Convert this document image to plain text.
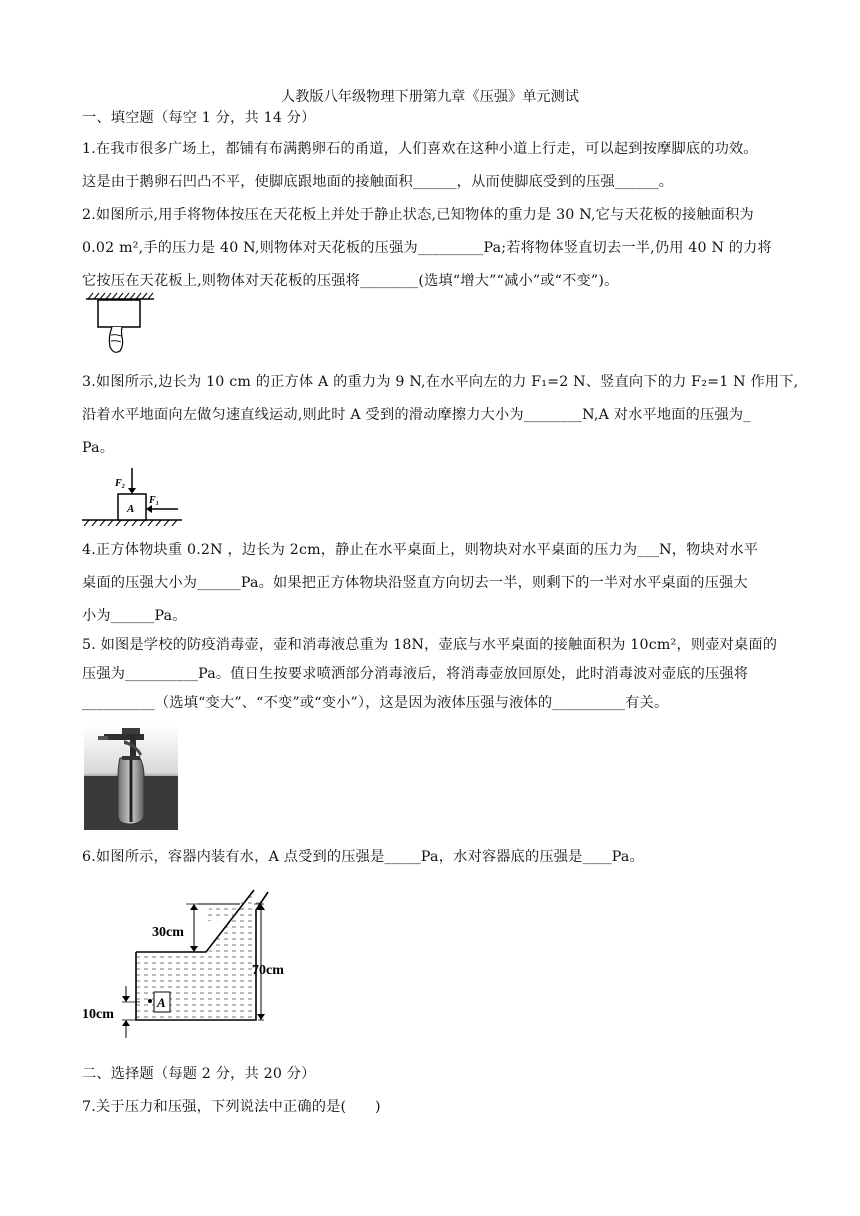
人教版八年级物理下册第九章《压强》单元测试
一、填空题（每空 1 分，共 14 分）
1.在我市很多广场上，都铺有布满鹅卵石的甬道，人们喜欢在这种小道上行走，可以起到按摩脚底的功效。
这是由于鹅卵石凹凸不平，使脚底跟地面的接触面积______，从而使脚底受到的压强______。
2.如图所示,用手将物体按压在天花板上并处于静止状态,已知物体的重力是 30 N,它与天花板的接触面积为
0.02 m²,手的压力是 40 N,则物体对天花板的压强为_________Pa;若将物体竖直切去一半,仍用 40 N 的力将
它按压在天花板上,则物体对天花板的压强将________(选填“增大”“减小”或“不变”)。
3.如图所示,边长为 10 cm 的正方体 A 的重力为 9 N,在水平向左的力 F₁=2 N、竖直向下的力 F₂=1 N 作用下,
沿着水平地面向左做匀速直线运动,则此时 A 受到的滑动摩擦力大小为________N,A 对水平地面的压强为_
Pa。
F₂
F₁
A
4.正方体物块重 0.2N ，边长为 2cm，静止在水平桌面上，则物块对水平桌面的压力为___N，物块对水平
桌面的压强大小为______Pa。如果把正方体物块沿竖直方向切去一半，则剩下的一半对水平桌面的压强大
小为______Pa。
5. 如图是学校的防疫消毒壶，壶和消毒液总重为 18N，壶底与水平桌面的接触面积为 10cm²，则壶对桌面的
压强为__________Pa。值日生按要求喷洒部分消毒液后，将消毒壶放回原处，此时消毒波对壶底的压强将
__________（选填“变大”、“不变”或“变小”），这是因为液体压强与液体的__________有关。
6.如图所示，容器内装有水，A 点受到的压强是_____Pa，水对容器底的压强是____Pa。
30cm
70cm
10cm
A
二、选择题（每题 2 分，共 20 分）
7.关于压力和压强，下列说法中正确的是(　　)
